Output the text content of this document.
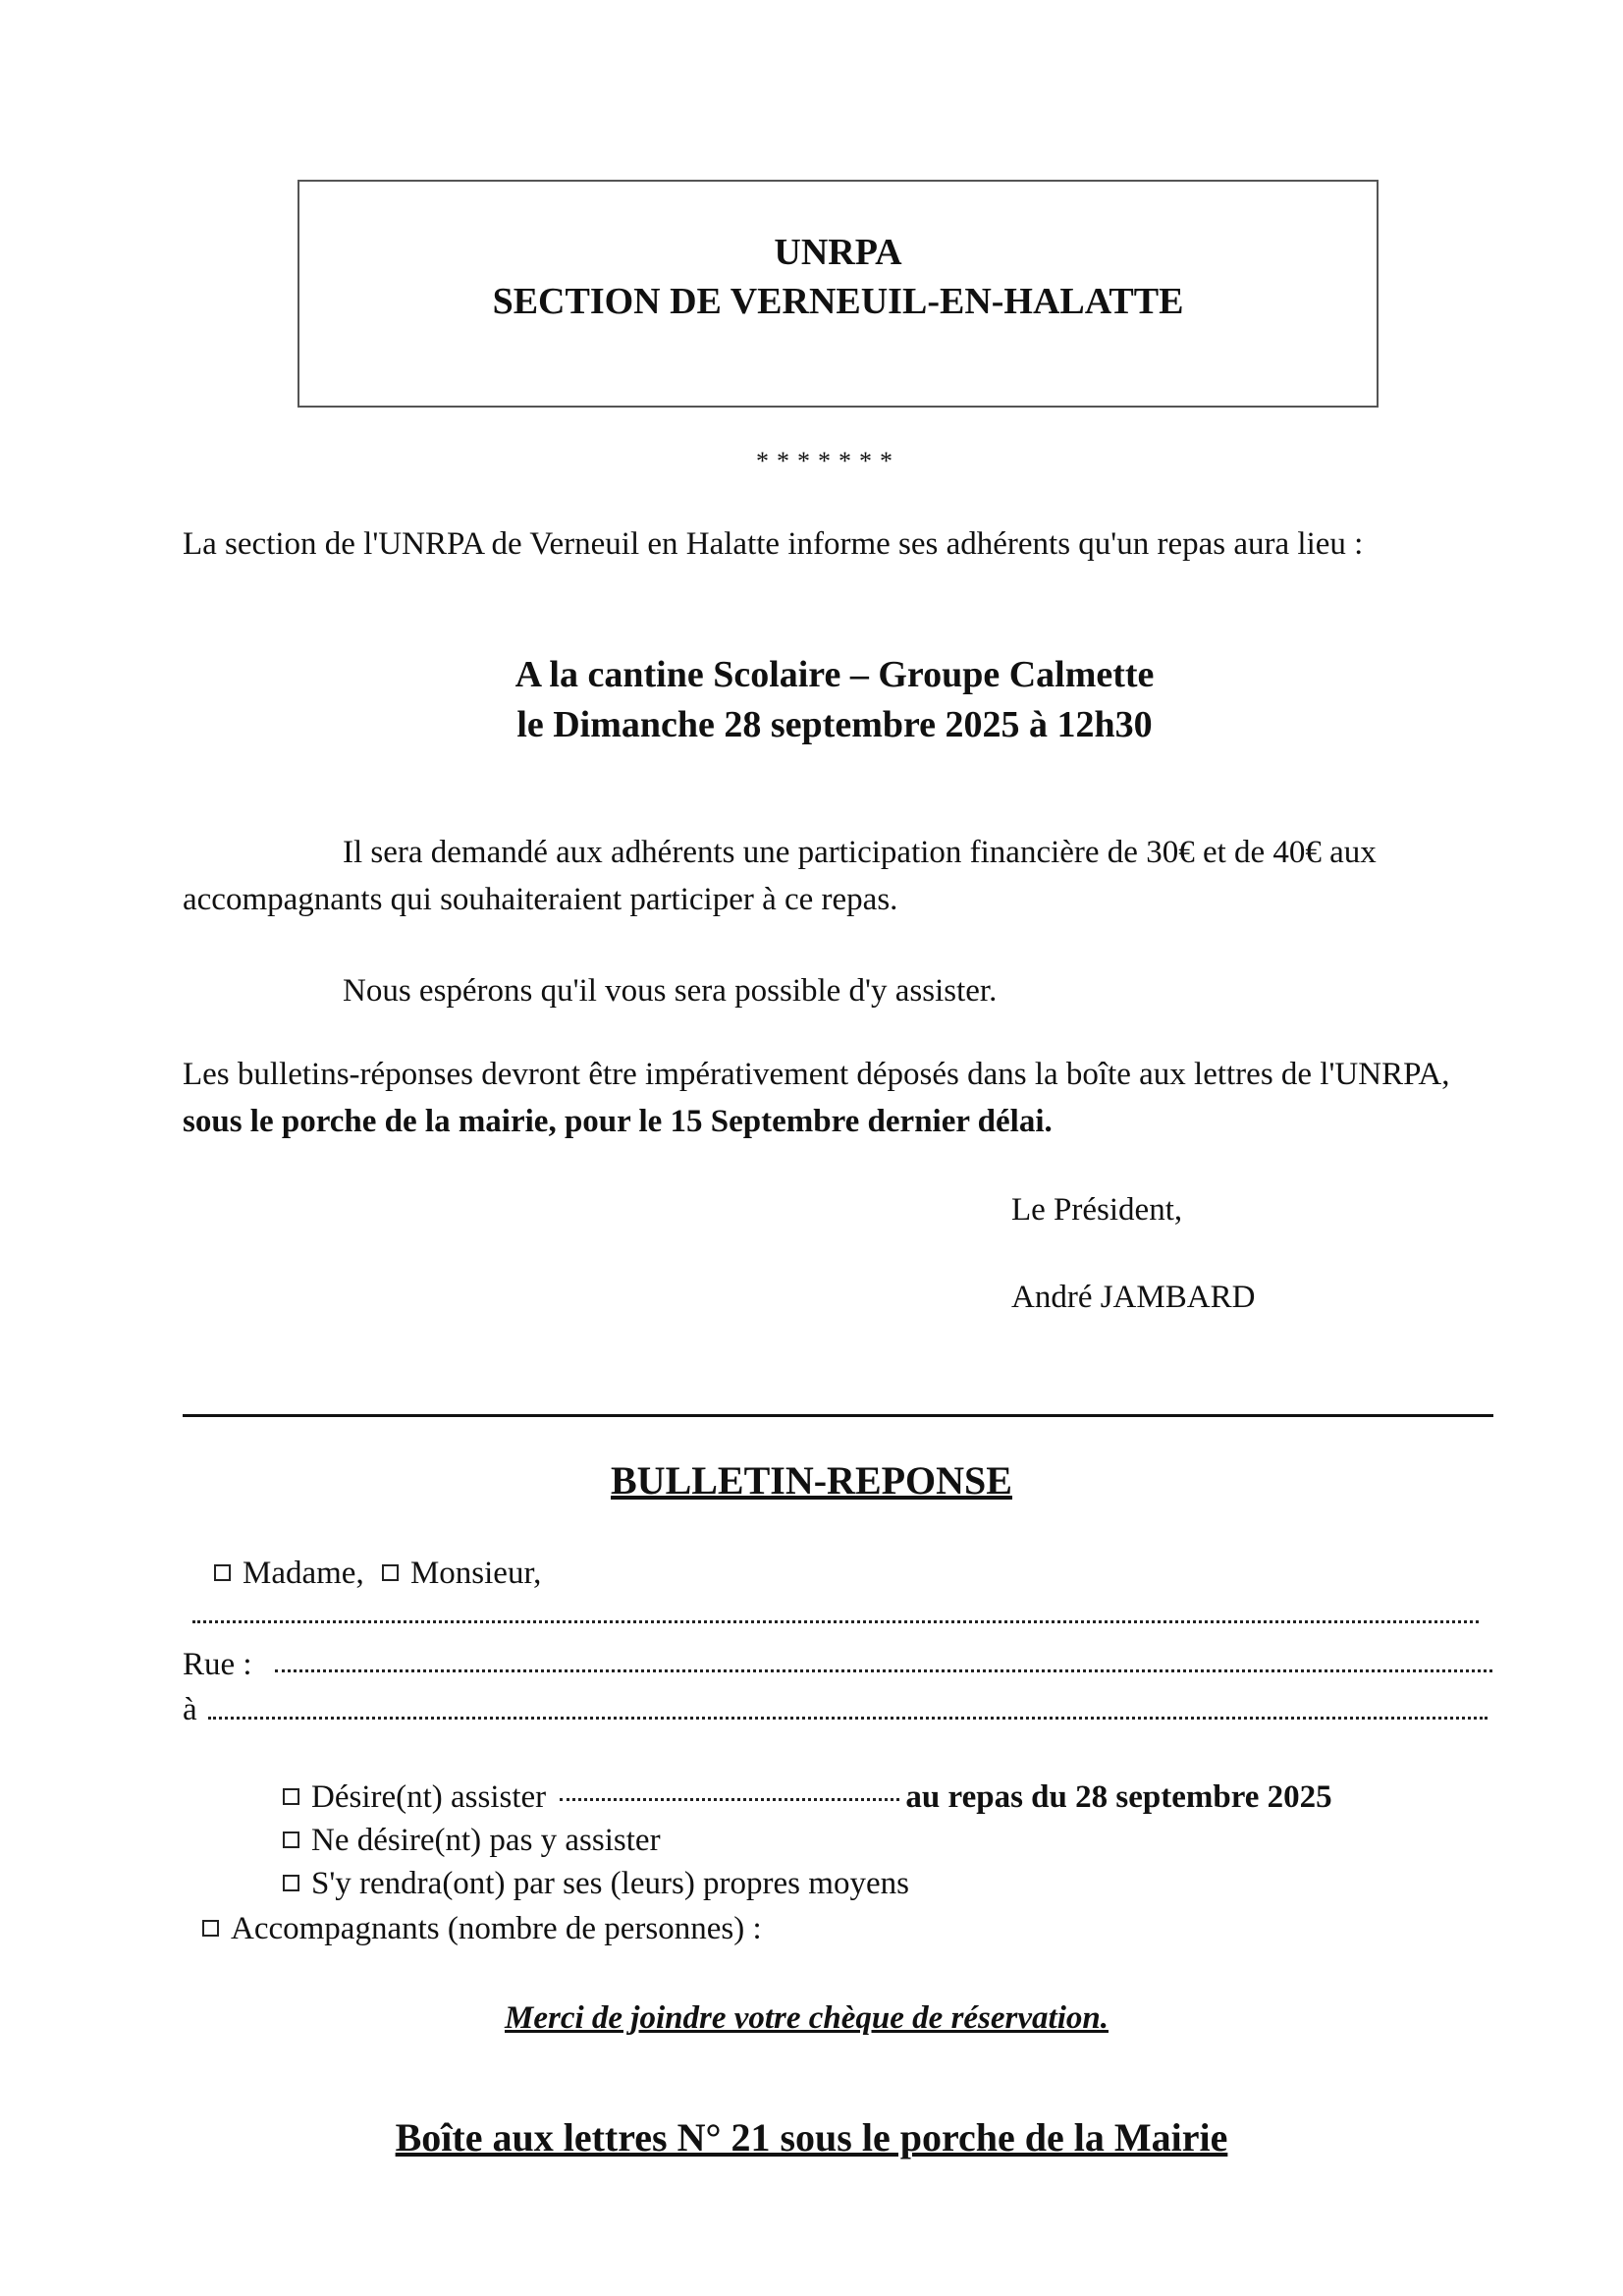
UNRPA
SECTION DE VERNEUIL-EN-HALATTE
*******
La section de l'UNRPA de Verneuil en Halatte informe ses adhérents qu'un repas aura lieu :
A la cantine Scolaire – Groupe Calmette
le Dimanche 28 septembre 2025 à 12h30
Il sera demandé aux adhérents une participation financière de 30€ et de 40€ aux accompagnants qui souhaiteraient participer à ce repas.
Nous espérons qu'il vous sera possible d'y assister.
Les bulletins-réponses devront être impérativement déposés dans la boîte aux lettres de l'UNRPA, sous le porche de la mairie, pour le 15 Septembre dernier délai.
Le Président,
André JAMBARD
BULLETIN-REPONSE
Madame, Monsieur,
Rue :
à
Désire(nt) assister	au repas du 28 septembre 2025
Ne désire(nt) pas y assister
S'y rendra(ont) par ses (leurs) propres moyens
Accompagnants (nombre de personnes) :
Merci de joindre votre chèque de réservation.
Boîte aux lettres N° 21 sous le porche de la Mairie
